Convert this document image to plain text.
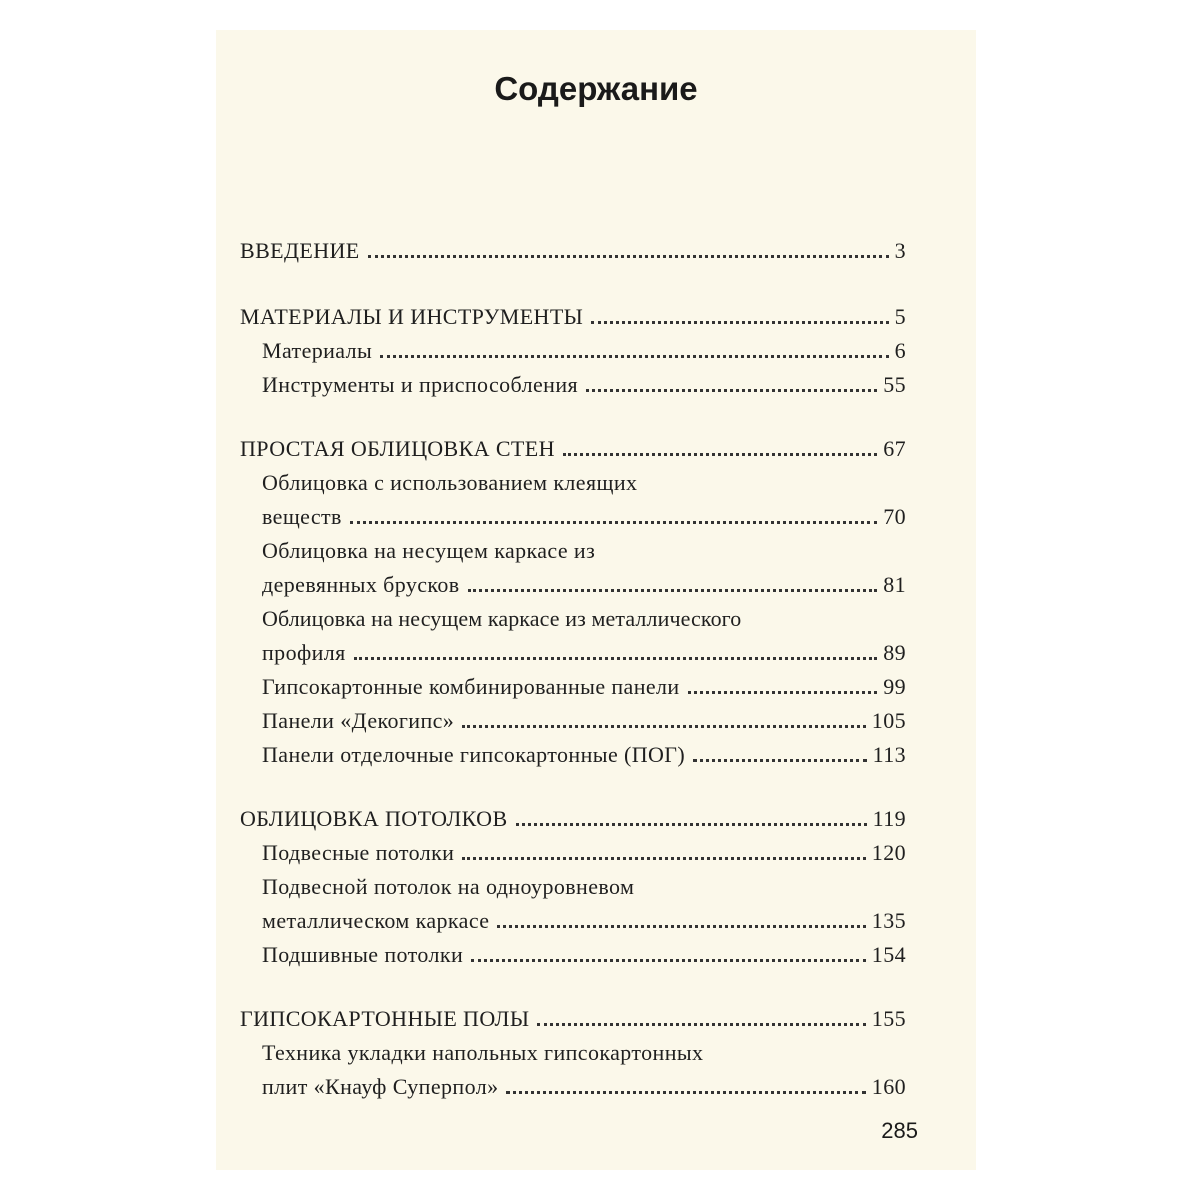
Содержание
ВВЕДЕНИЕ	3
МАТЕРИАЛЫ И ИНСТРУМЕНТЫ	5
Материалы	6
Инструменты и приспособления	55
ПРОСТАЯ ОБЛИЦОВКА СТЕН	67
Облицовка с использованием клеящих
веществ	70
Облицовка на несущем каркасе из
деревянных брусков	81
Облицовка на несущем каркасе из металлического
профиля	89
Гипсокартонные комбинированные панели	99
Панели «Декогипс»	105
Панели отделочные гипсокартонные (ПОГ)	113
ОБЛИЦОВКА ПОТОЛКОВ	119
Подвесные потолки	120
Подвесной потолок на одноуровневом
металлическом каркасе	135
Подшивные потолки	154
ГИПСОКАРТОННЫЕ ПОЛЫ	155
Техника укладки напольных гипсокартонных
плит «Кнауф Суперпол»	160
285
